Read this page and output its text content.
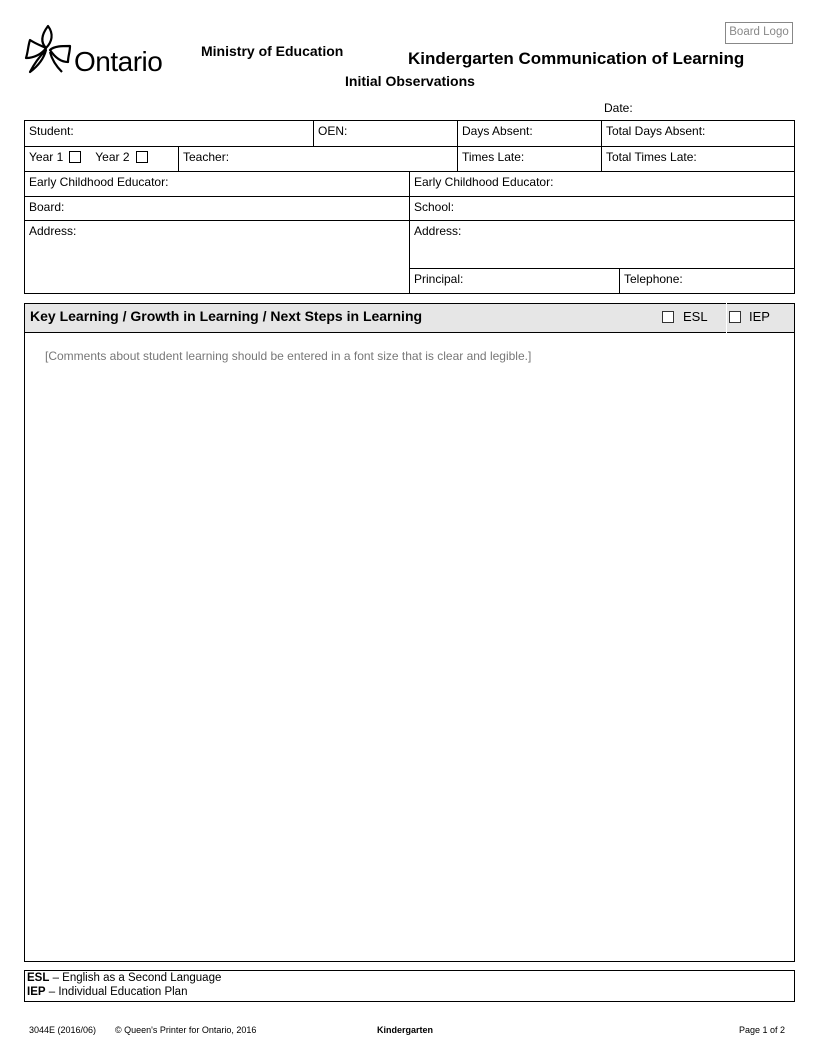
Ontario	Ministry of Education	Kindergarten Communication of Learning
Initial Observations
Board Logo
Date:
Student:	OEN:	Days Absent:	Total Days Absent:
Year 1	Year 2	Teacher:	Times Late:	Total Times Late:
Early Childhood Educator:	Early Childhood Educator:
Board:	School:
Address:	Address:
Principal:	Telephone:
Key Learning / Growth in Learning / Next Steps in Learning	ESL	IEP
[Comments about student learning should be entered in a font size that is clear and legible.]
ESL – English as a Second Language
IEP – Individual Education Plan
3044E (2016/06) © Queen's Printer for Ontario, 2016	Kindergarten	Page 1 of 2
